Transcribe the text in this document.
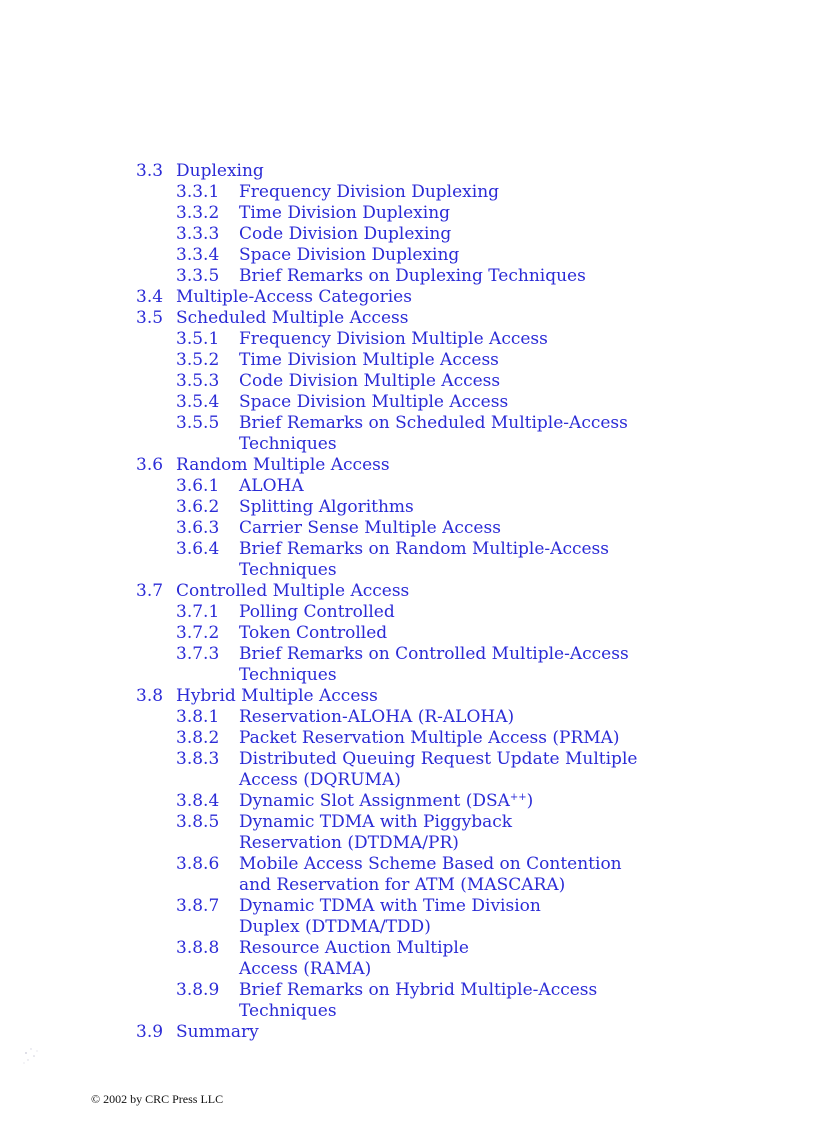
3.3 Duplexing
3.3.1	Frequency Division Duplexing
3.3.2	Time Division Duplexing
3.3.3	Code Division Duplexing
3.3.4	Space Division Duplexing
3.3.5	Brief Remarks on Duplexing Techniques
3.4 Multiple-Access Categories
3.5 Scheduled Multiple Access
3.5.1	Frequency Division Multiple Access
3.5.2	Time Division Multiple Access
3.5.3	Code Division Multiple Access
3.5.4	Space Division Multiple Access
3.5.5	Brief Remarks on Scheduled Multiple-Access
Techniques
3.6 Random Multiple Access
3.6.1	ALOHA
3.6.2	Splitting Algorithms
3.6.3	Carrier Sense Multiple Access
3.6.4	Brief Remarks on Random Multiple-Access
Techniques
3.7 Controlled Multiple Access
3.7.1	Polling Controlled
3.7.2	Token Controlled
3.7.3	Brief Remarks on Controlled Multiple-Access
Techniques
3.8 Hybrid Multiple Access
3.8.1	Reservation-ALOHA (R-ALOHA)
3.8.2	Packet Reservation Multiple Access (PRMA)
3.8.3	Distributed Queuing Request Update Multiple
Access (DQRUMA)
3.8.4	Dynamic Slot Assignment (DSA++)
3.8.5	Dynamic TDMA with Piggyback
Reservation (DTDMA/PR)
3.8.6	Mobile Access Scheme Based on Contention
and Reservation for ATM (MASCARA)
3.8.7	Dynamic TDMA with Time Division
Duplex (DTDMA/TDD)
3.8.8	Resource Auction Multiple
Access (RAMA)
3.8.9	Brief Remarks on Hybrid Multiple-Access
Techniques
3.9 Summary
© 2002 by CRC Press LLC
